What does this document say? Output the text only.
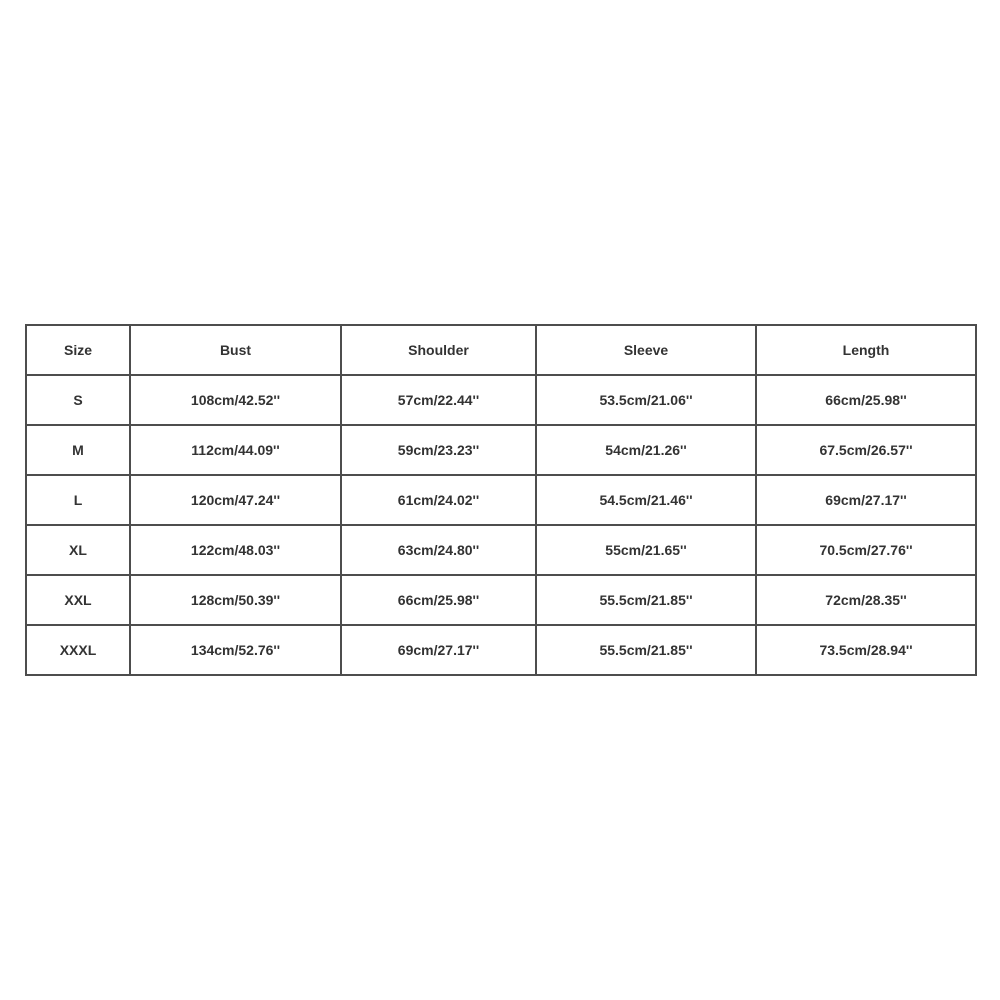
Size	Bust	Shoulder	Sleeve	Length
S	108cm/42.52''	57cm/22.44''	53.5cm/21.06''	66cm/25.98''
M	112cm/44.09''	59cm/23.23''	54cm/21.26''	67.5cm/26.57''
L	120cm/47.24''	61cm/24.02''	54.5cm/21.46''	69cm/27.17''
XL	122cm/48.03''	63cm/24.80''	55cm/21.65''	70.5cm/27.76''
XXL	128cm/50.39''	66cm/25.98''	55.5cm/21.85''	72cm/28.35''
XXXL	134cm/52.76''	69cm/27.17''	55.5cm/21.85''	73.5cm/28.94''
